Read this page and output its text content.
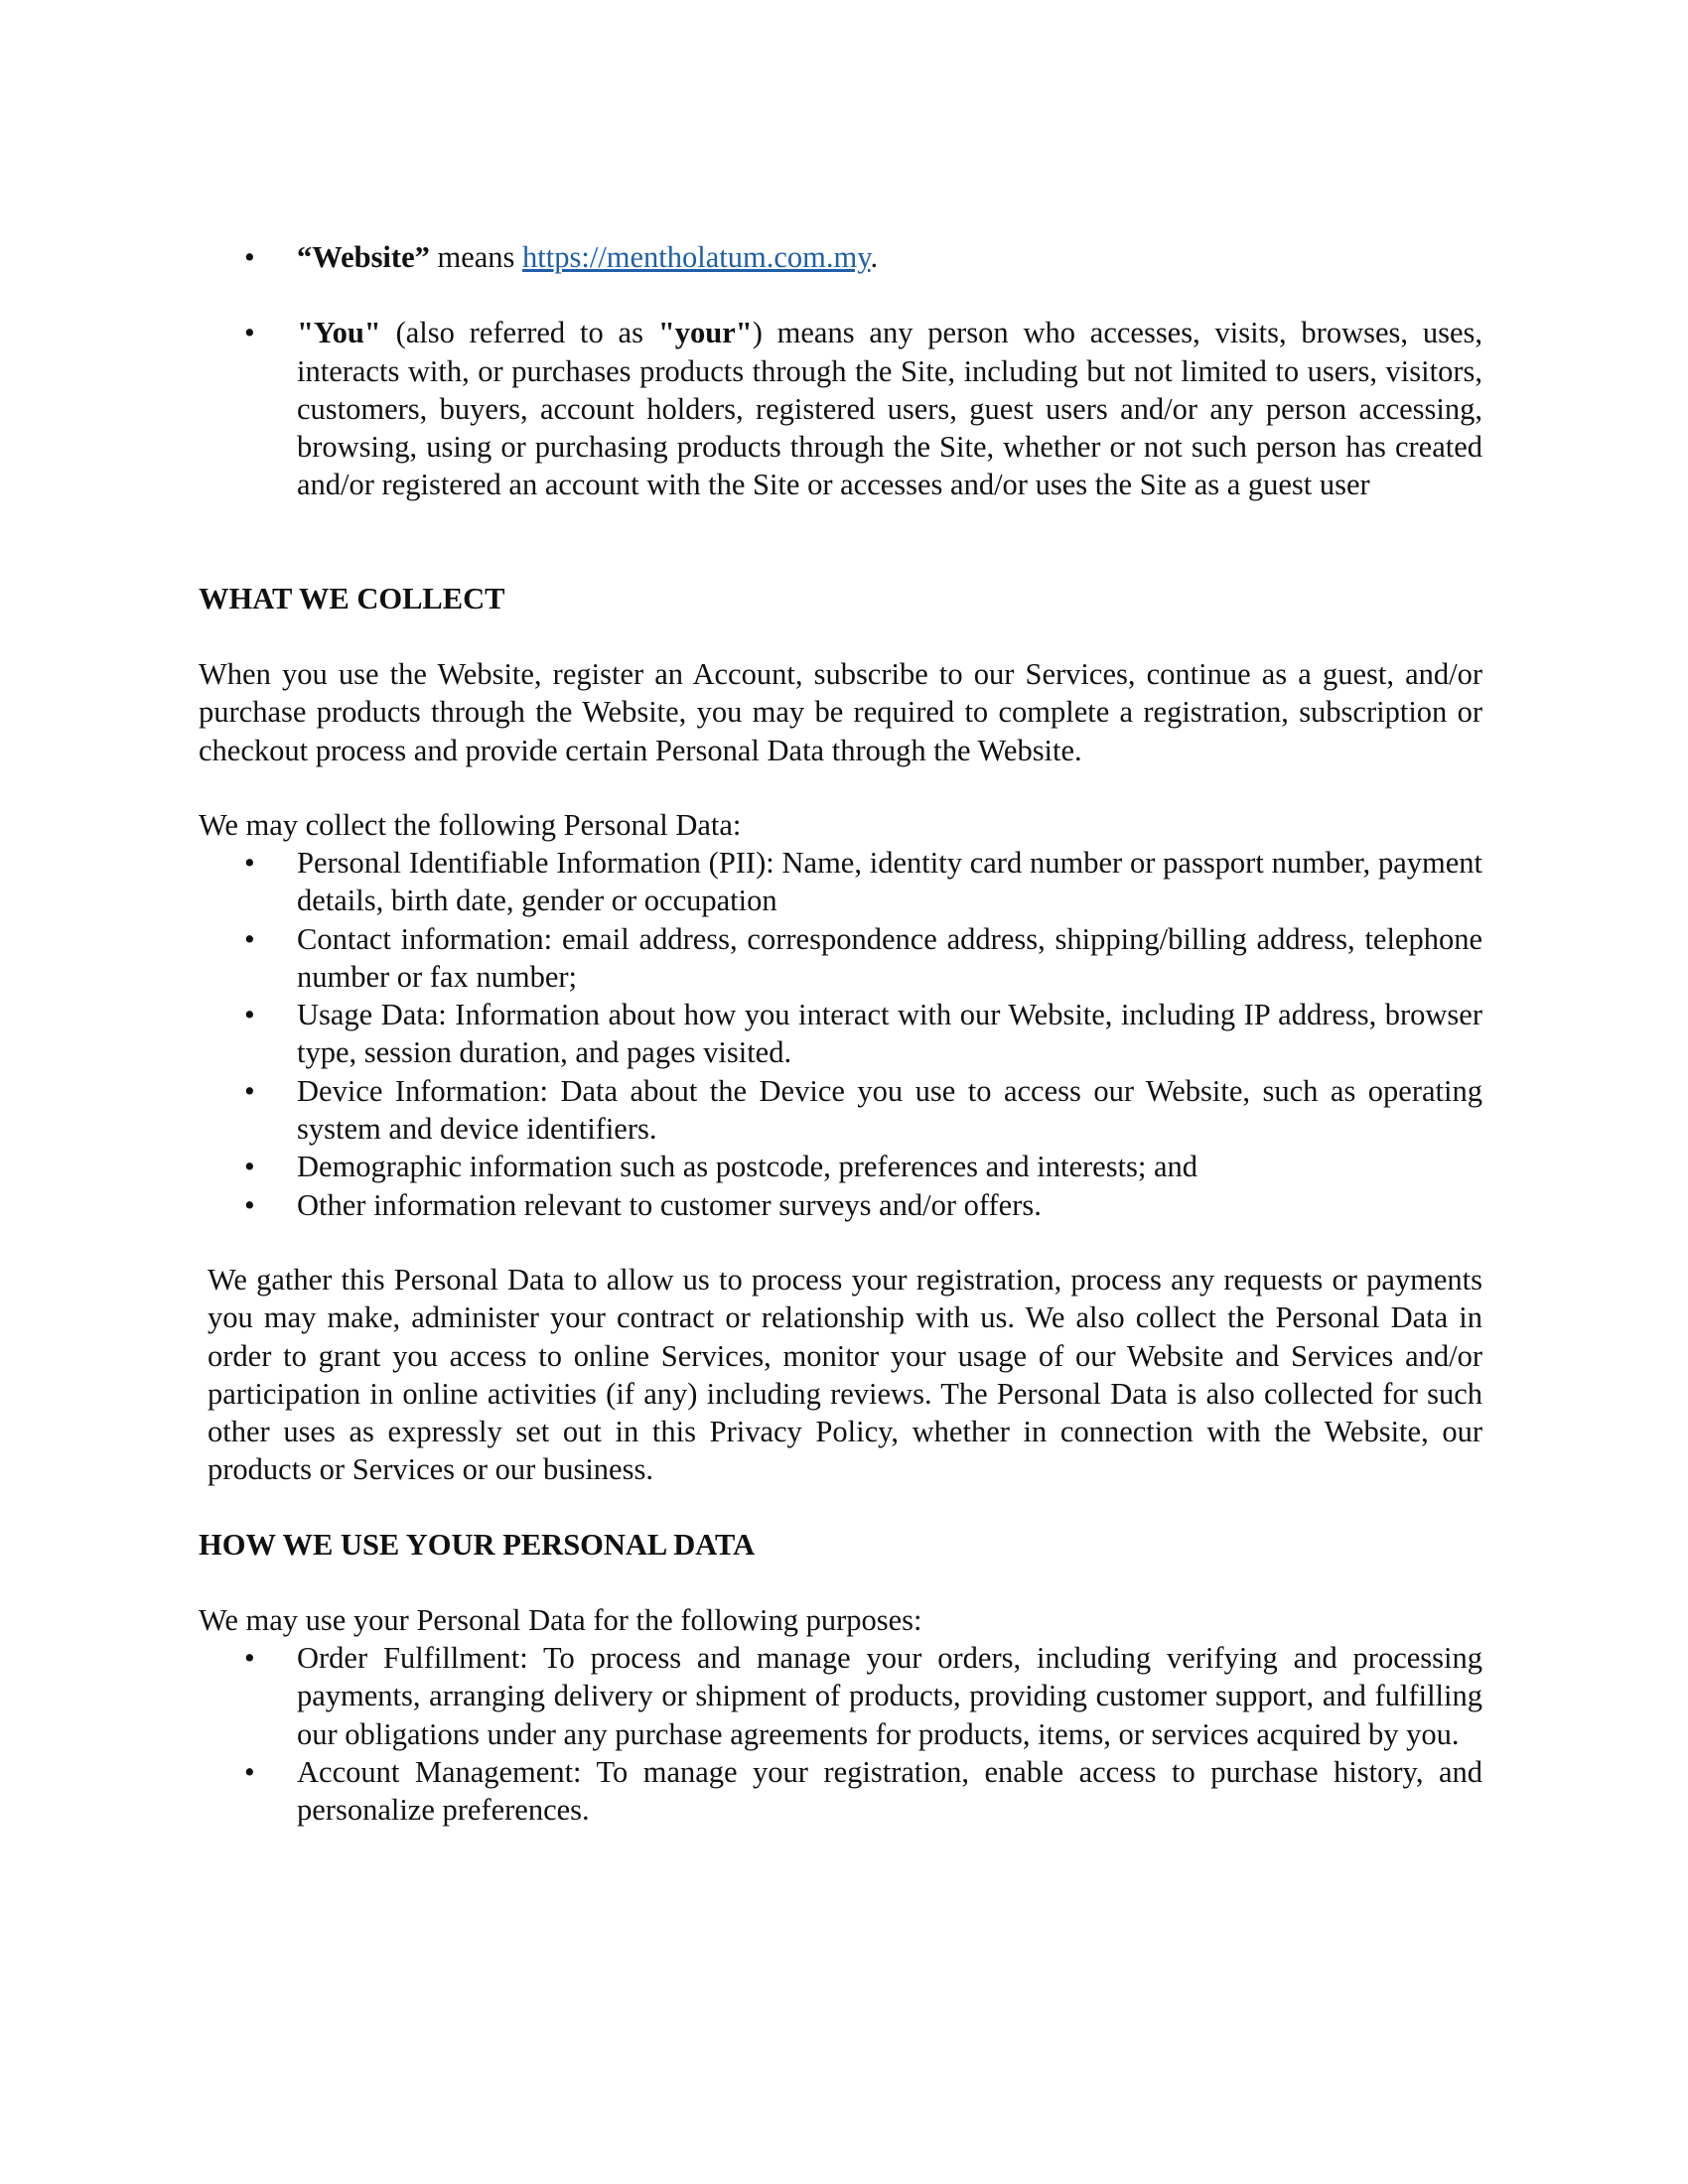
• “Website” means https://mentholatum.com.my.
• "You" (also referred to as "your") means any person who accesses, visits, browses, uses, interacts with, or purchases products through the Site, including but not limited to users, visitors, customers, buyers, account holders, registered users, guest users and/or any person accessing, browsing, using or purchasing products through the Site, whether or not such person has created and/or registered an account with the Site or accesses and/or uses the Site as a guest user
WHAT WE COLLECT
When you use the Website, register an Account, subscribe to our Services, continue as a guest, and/or purchase products through the Website, you may be required to complete a registration, subscription or checkout process and provide certain Personal Data through the Website.
We may collect the following Personal Data:
• Personal Identifiable Information (PII): Name, identity card number or passport number, payment details, birth date, gender or occupation
• Contact information: email address, correspondence address, shipping/billing address, telephone number or fax number;
• Usage Data: Information about how you interact with our Website, including IP address, browser type, session duration, and pages visited.
• Device Information: Data about the Device you use to access our Website, such as operating system and device identifiers.
• Demographic information such as postcode, preferences and interests; and
• Other information relevant to customer surveys and/or offers.
We gather this Personal Data to allow us to process your registration, process any requests or payments you may make, administer your contract or relationship with us. We also collect the Personal Data in order to grant you access to online Services, monitor your usage of our Website and Services and/or participation in online activities (if any) including reviews. The Personal Data is also collected for such other uses as expressly set out in this Privacy Policy, whether in connection with the Website, our products or Services or our business.
HOW WE USE YOUR PERSONAL DATA
We may use your Personal Data for the following purposes:
• Order Fulfillment: To process and manage your orders, including verifying and processing payments, arranging delivery or shipment of products, providing customer support, and fulfilling our obligations under any purchase agreements for products, items, or services acquired by you.
• Account Management: To manage your registration, enable access to purchase history, and personalize preferences.
